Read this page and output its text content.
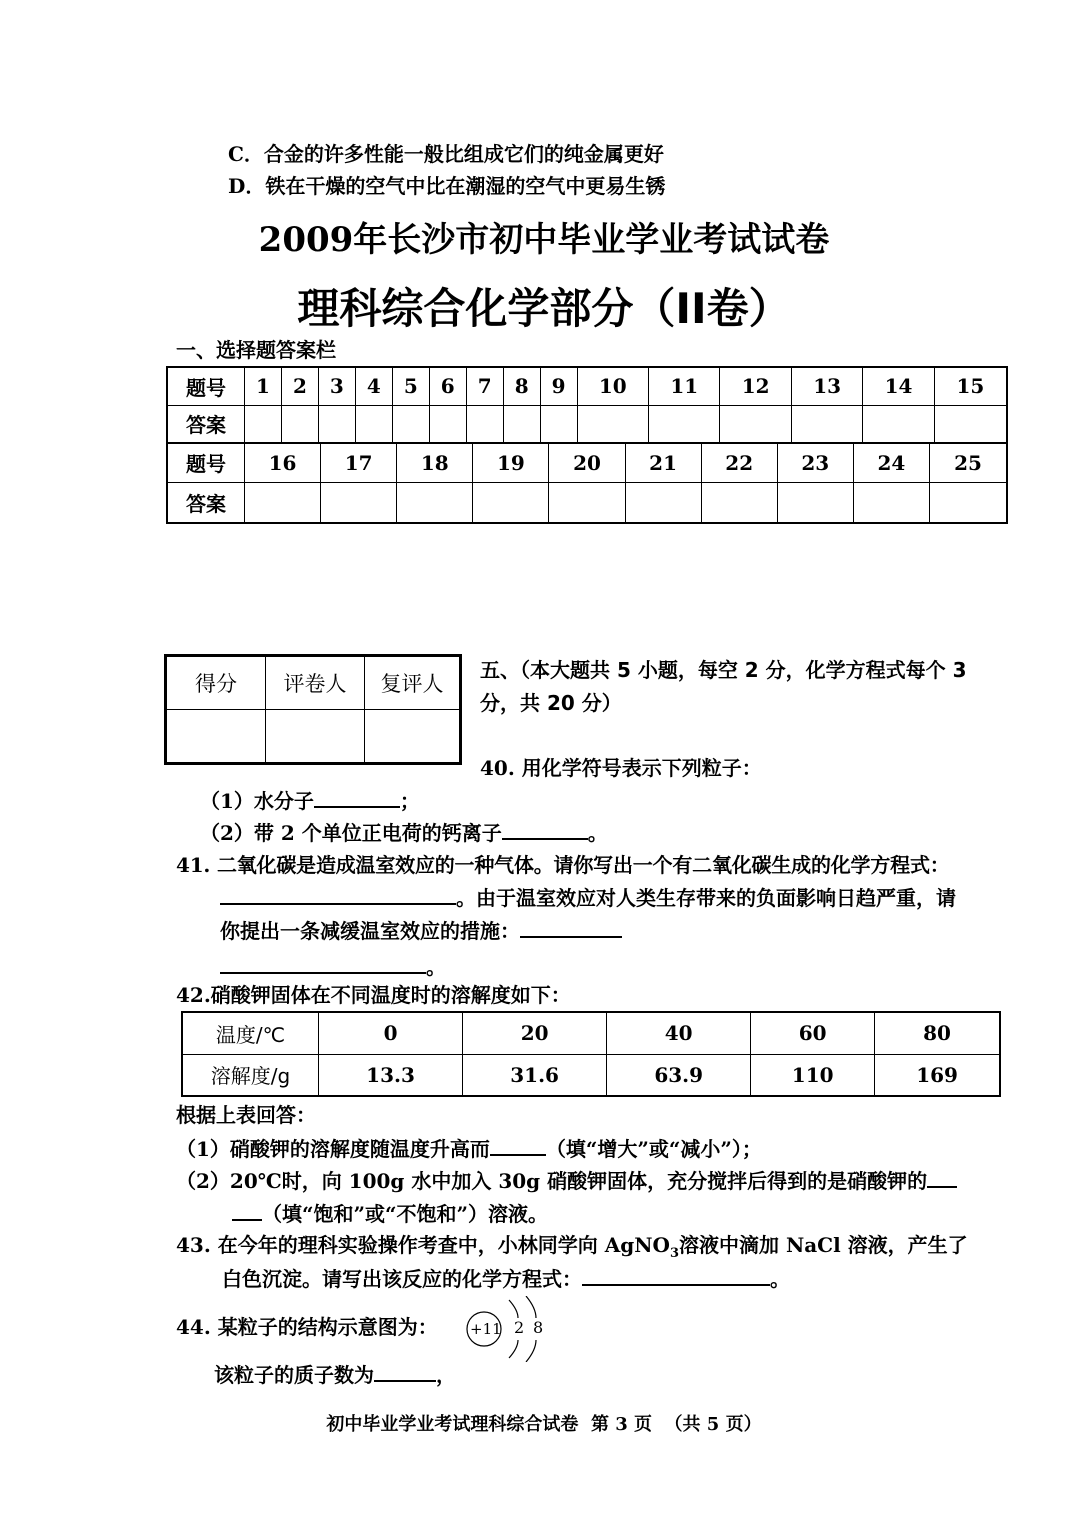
C．合金的许多性能一般比组成它们的纯金属更好
D．铁在干燥的空气中比在潮湿的空气中更易生锈
2009年长沙市初中毕业学业考试试卷
理科综合化学部分（II卷）
一、选择题答案栏
题号	1	2	3	4	5	6	7	8	9	10	11	12	13	14	15
答案															
题号	16	17	18	19	20	21	22	23	24	25
答案										
得分	评卷人	复评人

五、（本大题共 5 小题，每空 2 分，化学方程式每个 3
分，共 20 分）
40. 用化学符号表示下列粒子：
（1）水分子	；
（2）带 2 个单位正电荷的钙离子	。
41. 二氧化碳是造成温室效应的一种气体。请你写出一个有二氧化碳生成的化学方程式：
。由于温室效应对人类生存带来的负面影响日趋严重，请
你提出一条减缓温室效应的措施：
。
42.硝酸钾固体在不同温度时的溶解度如下：
温度/℃	0	20	40	60	80
溶解度/g	13.3	31.6	63.9	110	169
根据上表回答：
（1）硝酸钾的溶解度随温度升高而	（填“增大”或“减小”）；
（2）20℃时，向 100g 水中加入 30g 硝酸钾固体，充分搅拌后得到的是硝酸钾的
（填“饱和”或“不饱和”）溶液。
43. 在今年的理科实验操作考查中，小林同学向 AgNO$_3$溶液中滴加 NaCl 溶液，产生了
白色沉淀。请写出该反应的化学方程式：	。
44. 某粒子的结构示意图为： +11 2 8
该粒子的质子数为	，
初中毕业学业考试理科综合试卷  第 3 页  （共 5 页）
